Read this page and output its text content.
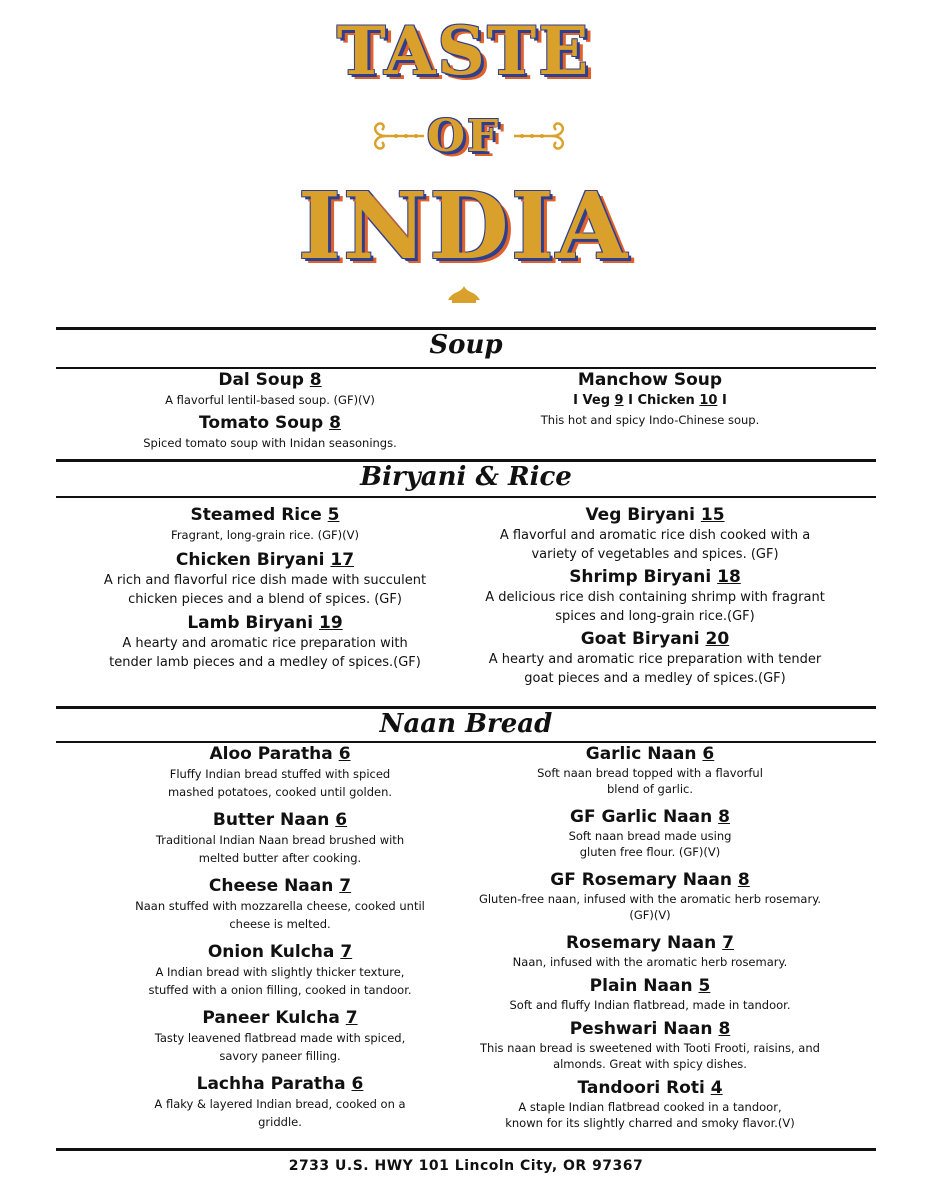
TASTE
OF
INDIA
Soup
Dal Soup 8
A flavorful lentil-based soup. (GF)(V)
Tomato Soup 8
Spiced tomato soup with Inidan seasonings.
Manchow Soup
I Veg 9 I Chicken 10 I
This hot and spicy Indo-Chinese soup.
Biryani & Rice
Steamed Rice 5
Fragrant, long-grain rice. (GF)(V)
Chicken Biryani 17
A rich and flavorful rice dish made with succulent
chicken pieces and a blend of spices. (GF)
Lamb Biryani 19
A hearty and aromatic rice preparation with
tender lamb pieces and a medley of spices.(GF)
Veg Biryani 15
A flavorful and aromatic rice dish cooked with a
variety of vegetables and spices. (GF)
Shrimp Biryani 18
A delicious rice dish containing shrimp with fragrant
spices and long-grain rice.(GF)
Goat Biryani 20
A hearty and aromatic rice preparation with tender
goat pieces and a medley of spices.(GF)
Naan Bread
Aloo Paratha 6
Fluffy Indian bread stuffed with spiced
mashed potatoes, cooked until golden.
Butter Naan 6
Traditional Indian Naan bread brushed with
melted butter after cooking.
Cheese Naan 7
Naan stuffed with mozzarella cheese, cooked until
cheese is melted.
Onion Kulcha 7
A Indian bread with slightly thicker texture,
stuffed with a onion filling, cooked in tandoor.
Paneer Kulcha 7
Tasty leavened flatbread made with spiced,
savory paneer filling.
Lachha Paratha 6
A flaky & layered Indian bread, cooked on a
griddle.
Garlic Naan 6
Soft naan bread topped with a flavorful
blend of garlic.
GF Garlic Naan 8
Soft naan bread made using
gluten free flour. (GF)(V)
GF Rosemary Naan 8
Gluten-free naan, infused with the aromatic herb rosemary.
(GF)(V)
Rosemary Naan 7
Naan, infused with the aromatic herb rosemary.
Plain Naan 5
Soft and fluffy Indian flatbread, made in tandoor.
Peshwari Naan 8
This naan bread is sweetened with Tooti Frooti, raisins, and
almonds. Great with spicy dishes.
Tandoori Roti 4
A staple Indian flatbread cooked in a tandoor,
known for its slightly charred and smoky flavor.(V)
2733 U.S. HWY 101 Lincoln City, OR 97367
